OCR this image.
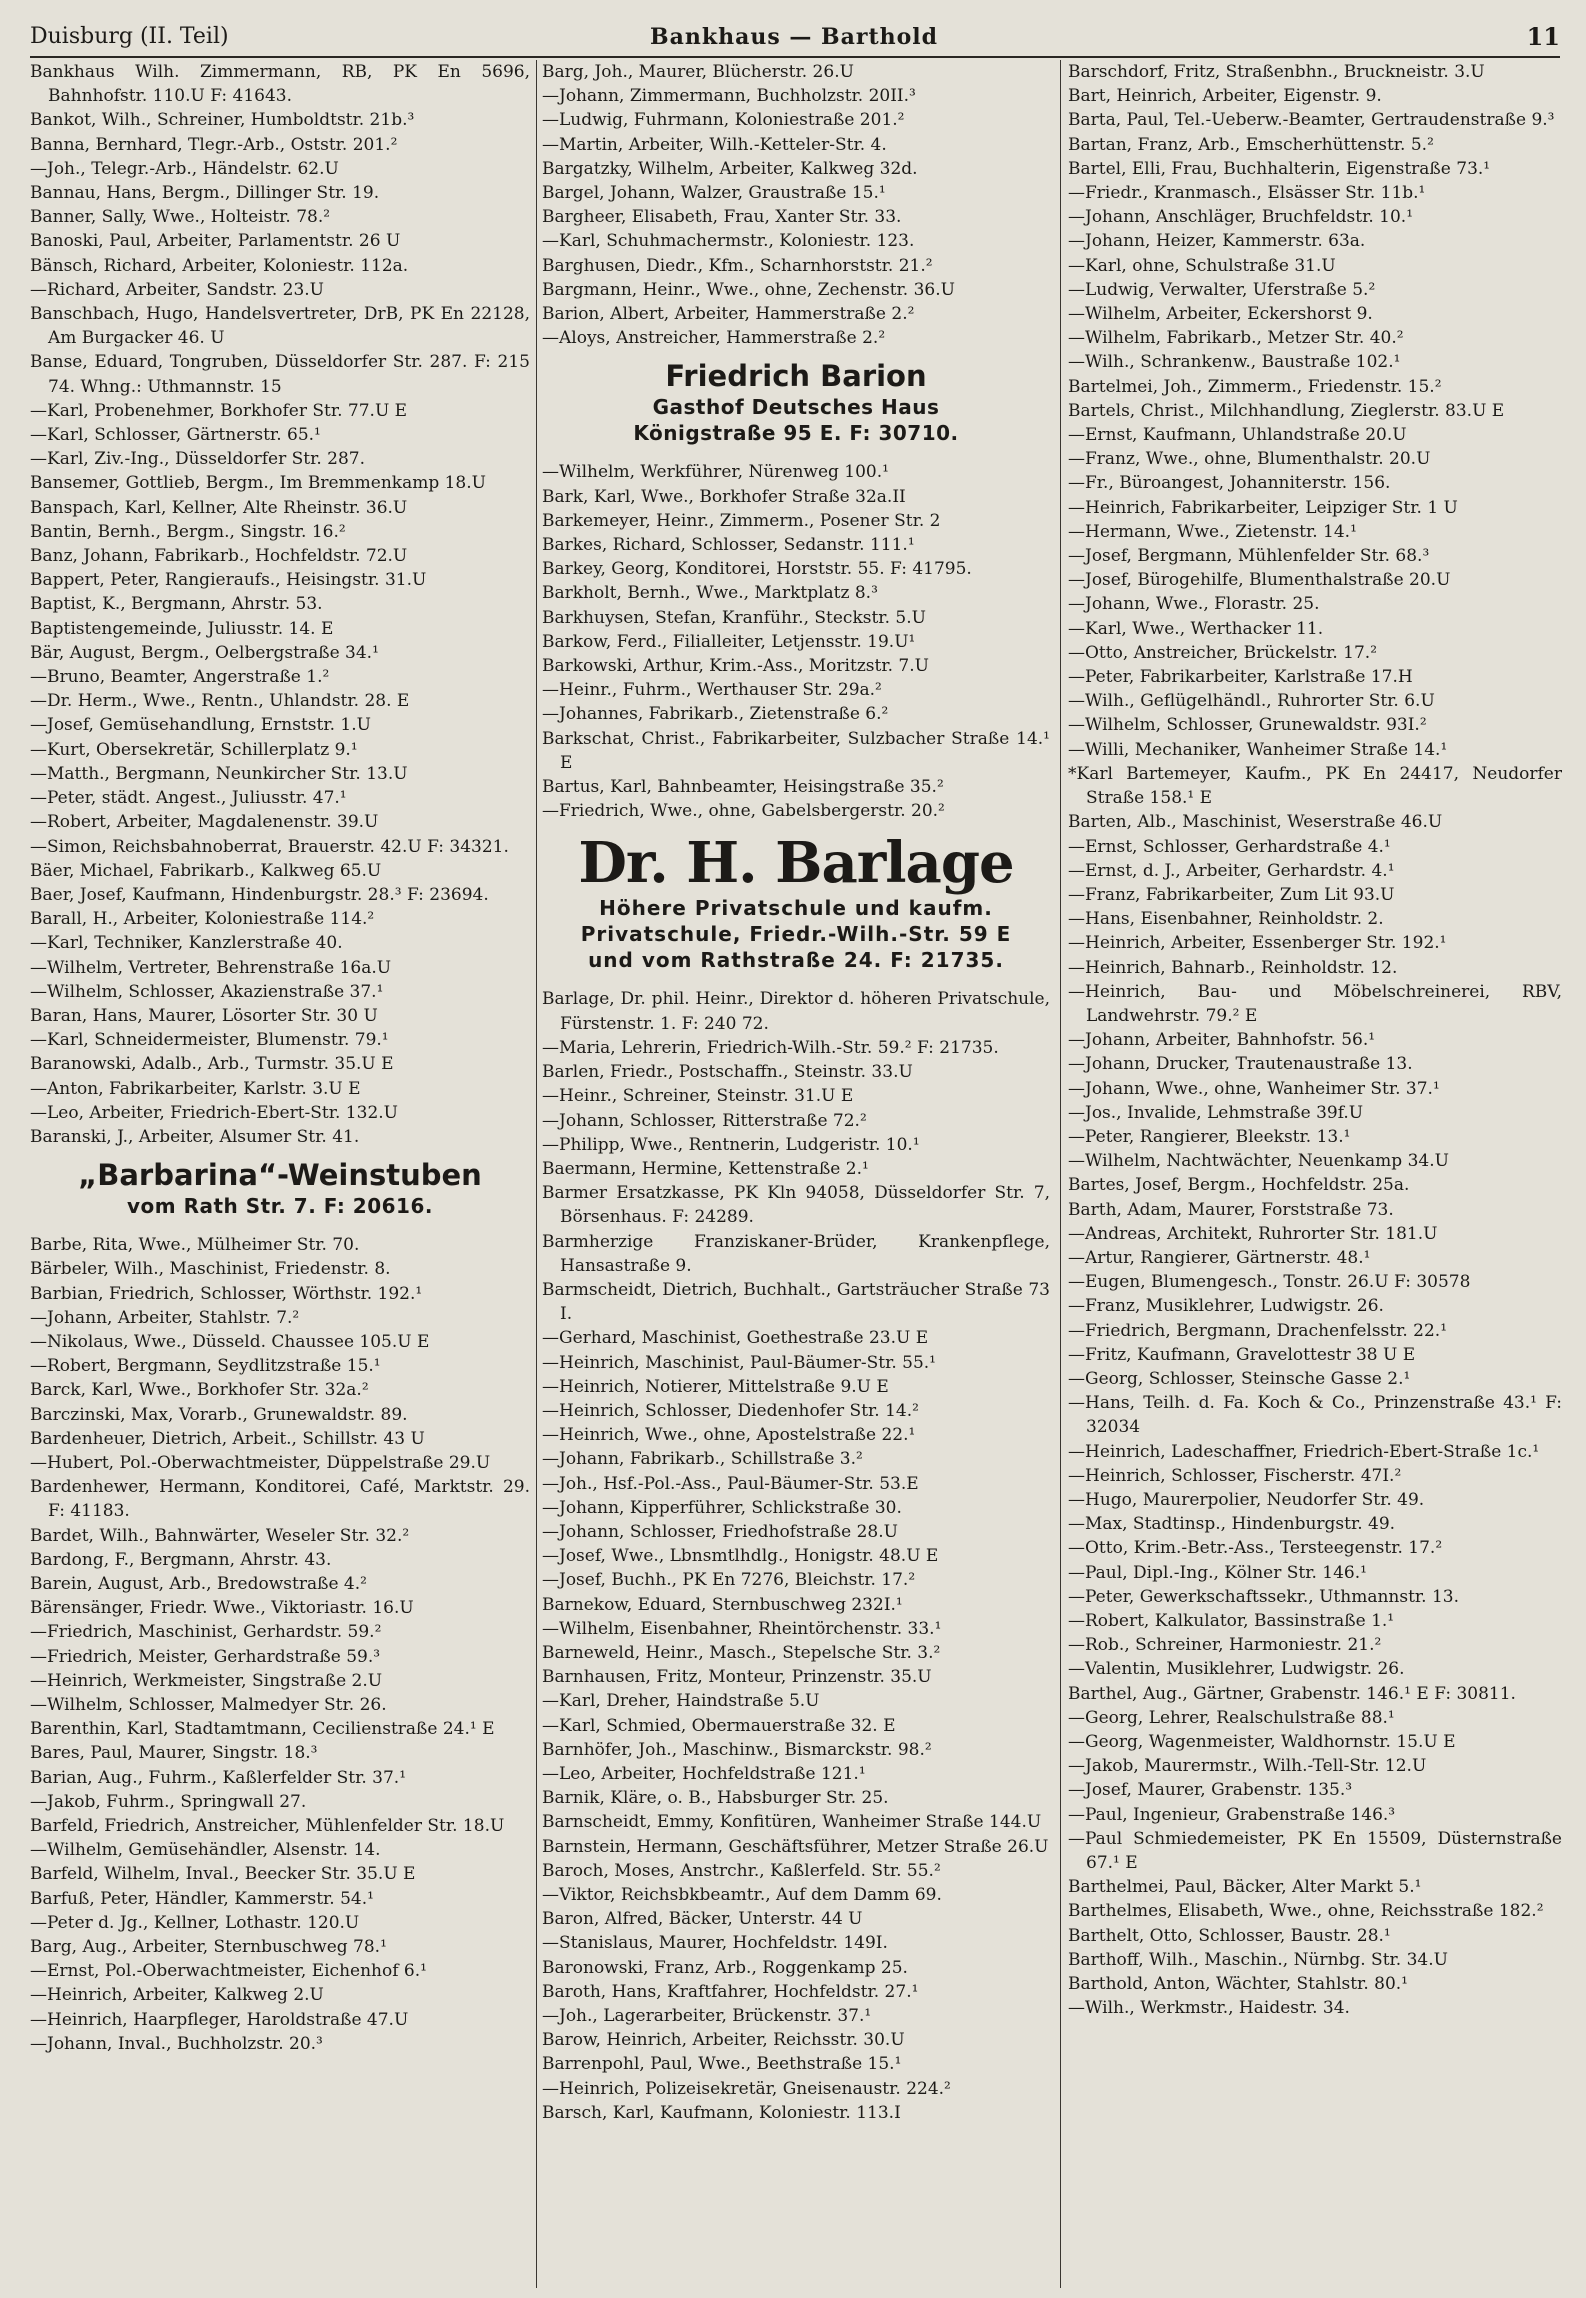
Duisburg (II. Teil)	Bankhaus — Barthold	11
Bankhaus Wilh. Zimmermann, RB, PK En 5696, Bahnhofstr. 110.U F: 41643.
Bankot, Wilh., Schreiner, Humboldtstr. 21b.³
Banna, Bernhard, Tlegr.-Arb., Oststr. 201.²
—Joh., Telegr.-Arb., Händelstr. 62.U
Bannau, Hans, Bergm., Dillinger Str. 19.
Banner, Sally, Wwe., Holteistr. 78.²
Banoski, Paul, Arbeiter, Parlamentstr. 26 U
Bänsch, Richard, Arbeiter, Koloniestr. 112a.
—Richard, Arbeiter, Sandstr. 23.U
Banschbach, Hugo, Handelsvertreter, DrB, PK En 22128, Am Burgacker 46. U
Banse, Eduard, Tongruben, Düsseldorfer Str. 287. F: 215 74. Whng.: Uthmannstr. 15
—Karl, Probenehmer, Borkhofer Str. 77.U E
—Karl, Schlosser, Gärtnerstr. 65.¹
—Karl, Ziv.-Ing., Düsseldorfer Str. 287.
Bansemer, Gottlieb, Bergm., Im Bremmenkamp 18.U
Banspach, Karl, Kellner, Alte Rheinstr. 36.U
Bantin, Bernh., Bergm., Singstr. 16.²
Banz, Johann, Fabrikarb., Hochfeldstr. 72.U
Bappert, Peter, Rangieraufs., Heisingstr. 31.U
Baptist, K., Bergmann, Ahrstr. 53.
Baptistengemeinde, Juliusstr. 14. E
Bär, August, Bergm., Oelbergstraße 34.¹
—Bruno, Beamter, Angerstraße 1.²
—Dr. Herm., Wwe., Rentn., Uhlandstr. 28. E
—Josef, Gemüsehandlung, Ernststr. 1.U
—Kurt, Obersekretär, Schillerplatz 9.¹
—Matth., Bergmann, Neunkircher Str. 13.U
—Peter, städt. Angest., Juliusstr. 47.¹
—Robert, Arbeiter, Magdalenenstr. 39.U
—Simon, Reichsbahnoberrat, Brauerstr. 42.U F: 34321.
Bäer, Michael, Fabrikarb., Kalkweg 65.U
Baer, Josef, Kaufmann, Hindenburgstr. 28.³ F: 23694.
Barall, H., Arbeiter, Koloniestraße 114.²
—Karl, Techniker, Kanzlerstraße 40.
—Wilhelm, Vertreter, Behrenstraße 16a.U
—Wilhelm, Schlosser, Akazienstraße 37.¹
Baran, Hans, Maurer, Lösorter Str. 30 U
—Karl, Schneidermeister, Blumenstr. 79.¹
Baranowski, Adalb., Arb., Turmstr. 35.U E
—Anton, Fabrikarbeiter, Karlstr. 3.U E
—Leo, Arbeiter, Friedrich-Ebert-Str. 132.U
Baranski, J., Arbeiter, Alsumer Str. 41.
„Barbarina“-Weinstuben
vom Rath Str. 7. F: 20616.
Barbe, Rita, Wwe., Mülheimer Str. 70.
Bärbeler, Wilh., Maschinist, Friedenstr. 8.
Barbian, Friedrich, Schlosser, Wörthstr. 192.¹
—Johann, Arbeiter, Stahlstr. 7.²
—Nikolaus, Wwe., Düsseld. Chaussee 105.U E
—Robert, Bergmann, Seydlitzstraße 15.¹
Barck, Karl, Wwe., Borkhofer Str. 32a.²
Barczinski, Max, Vorarb., Grunewaldstr. 89.
Bardenheuer, Dietrich, Arbeit., Schillstr. 43 U
—Hubert, Pol.-Oberwachtmeister, Düppelstraße 29.U
Bardenhewer, Hermann, Konditorei, Café, Marktstr. 29. F: 41183.
Bardet, Wilh., Bahnwärter, Weseler Str. 32.²
Bardong, F., Bergmann, Ahrstr. 43.
Barein, August, Arb., Bredowstraße 4.²
Bärensänger, Friedr. Wwe., Viktoriastr. 16.U
—Friedrich, Maschinist, Gerhardstr. 59.²
—Friedrich, Meister, Gerhardstraße 59.³
—Heinrich, Werkmeister, Singstraße 2.U
—Wilhelm, Schlosser, Malmedyer Str. 26.
Barenthin, Karl, Stadtamtmann, Cecilienstraße 24.¹ E
Bares, Paul, Maurer, Singstr. 18.³
Barian, Aug., Fuhrm., Kaßlerfelder Str. 37.¹
—Jakob, Fuhrm., Springwall 27.
Barfeld, Friedrich, Anstreicher, Mühlenfelder Str. 18.U
—Wilhelm, Gemüsehändler, Alsenstr. 14.
Barfeld, Wilhelm, Inval., Beecker Str. 35.U E
Barfuß, Peter, Händler, Kammerstr. 54.¹
—Peter d. Jg., Kellner, Lothastr. 120.U
Barg, Aug., Arbeiter, Sternbuschweg 78.¹
—Ernst, Pol.-Oberwachtmeister, Eichenhof 6.¹
—Heinrich, Arbeiter, Kalkweg 2.U
—Heinrich, Haarpfleger, Haroldstraße 47.U
—Johann, Inval., Buchholzstr. 20.³
Barg, Joh., Maurer, Blücherstr. 26.U
—Johann, Zimmermann, Buchholzstr. 20II.³
—Ludwig, Fuhrmann, Koloniestraße 201.²
—Martin, Arbeiter, Wilh.-Ketteler-Str. 4.
Bargatzky, Wilhelm, Arbeiter, Kalkweg 32d.
Bargel, Johann, Walzer, Graustraße 15.¹
Bargheer, Elisabeth, Frau, Xanter Str. 33.
—Karl, Schuhmachermstr., Koloniestr. 123.
Barghusen, Diedr., Kfm., Scharnhorststr. 21.²
Bargmann, Heinr., Wwe., ohne, Zechenstr. 36.U
Barion, Albert, Arbeiter, Hammerstraße 2.²
—Aloys, Anstreicher, Hammerstraße 2.²
Friedrich Barion
Gasthof Deutsches Haus
Königstraße 95 E. F: 30710.
—Wilhelm, Werkführer, Nürenweg 100.¹
Bark, Karl, Wwe., Borkhofer Straße 32a.II
Barkemeyer, Heinr., Zimmerm., Posener Str. 2
Barkes, Richard, Schlosser, Sedanstr. 111.¹
Barkey, Georg, Konditorei, Horststr. 55. F: 41795.
Barkholt, Bernh., Wwe., Marktplatz 8.³
Barkhuysen, Stefan, Kranführ., Steckstr. 5.U
Barkow, Ferd., Filialleiter, Letjensstr. 19.U¹
Barkowski, Arthur, Krim.-Ass., Moritzstr. 7.U
—Heinr., Fuhrm., Werthauser Str. 29a.²
—Johannes, Fabrikarb., Zietenstraße 6.²
Barkschat, Christ., Fabrikarbeiter, Sulzbacher Straße 14.¹ E
Bartus, Karl, Bahnbeamter, Heisingstraße 35.²
—Friedrich, Wwe., ohne, Gabelsbergerstr. 20.²
Dr. H. Barlage
Höhere Privatschule und kaufm.
Privatschule, Friedr.-Wilh.-Str. 59 E
und vom Rathstraße 24. F: 21735.
Barlage, Dr. phil. Heinr., Direktor d. höheren Privatschule, Fürstenstr. 1. F: 240 72.
—Maria, Lehrerin, Friedrich-Wilh.-Str. 59.² F: 21735.
Barlen, Friedr., Postschaffn., Steinstr. 33.U
—Heinr., Schreiner, Steinstr. 31.U E
—Johann, Schlosser, Ritterstraße 72.²
—Philipp, Wwe., Rentnerin, Ludgeristr. 10.¹
Baermann, Hermine, Kettenstraße 2.¹
Barmer Ersatzkasse, PK Kln 94058, Düsseldorfer Str. 7, Börsenhaus. F: 24289.
Barmherzige Franziskaner-Brüder, Krankenpflege, Hansastraße 9.
Barmscheidt, Dietrich, Buchhalt., Gartsträucher Straße 73 I.
—Gerhard, Maschinist, Goethestraße 23.U E
—Heinrich, Maschinist, Paul-Bäumer-Str. 55.¹
—Heinrich, Notierer, Mittelstraße 9.U E
—Heinrich, Schlosser, Diedenhofer Str. 14.²
—Heinrich, Wwe., ohne, Apostelstraße 22.¹
—Johann, Fabrikarb., Schillstraße 3.²
—Joh., Hsf.-Pol.-Ass., Paul-Bäumer-Str. 53.E
—Johann, Kipperführer, Schlickstraße 30.
—Johann, Schlosser, Friedhofstraße 28.U
—Josef, Wwe., Lbnsmtlhdlg., Honigstr. 48.U E
—Josef, Buchh., PK En 7276, Bleichstr. 17.²
Barnekow, Eduard, Sternbuschweg 232I.¹
—Wilhelm, Eisenbahner, Rheintörchenstr. 33.¹
Barneweld, Heinr., Masch., Stepelsche Str. 3.²
Barnhausen, Fritz, Monteur, Prinzenstr. 35.U
—Karl, Dreher, Haindstraße 5.U
—Karl, Schmied, Obermauerstraße 32. E
Barnhöfer, Joh., Maschinw., Bismarckstr. 98.²
—Leo, Arbeiter, Hochfeldstraße 121.¹
Barnik, Kläre, o. B., Habsburger Str. 25.
Barnscheidt, Emmy, Konfitüren, Wanheimer Straße 144.U
Barnstein, Hermann, Geschäftsführer, Metzer Straße 26.U
Baroch, Moses, Anstrchr., Kaßlerfeld. Str. 55.²
—Viktor, Reichsbkbeamtr., Auf dem Damm 69.
Baron, Alfred, Bäcker, Unterstr. 44 U
—Stanislaus, Maurer, Hochfeldstr. 149I.
Baronowski, Franz, Arb., Roggenkamp 25.
Baroth, Hans, Kraftfahrer, Hochfeldstr. 27.¹
—Joh., Lagerarbeiter, Brückenstr. 37.¹
Barow, Heinrich, Arbeiter, Reichsstr. 30.U
Barrenpohl, Paul, Wwe., Beethstraße 15.¹
—Heinrich, Polizeisekretär, Gneisenaustr. 224.²
Barsch, Karl, Kaufmann, Koloniestr. 113.I
Barschdorf, Fritz, Straßenbhn., Bruckneistr. 3.U
Bart, Heinrich, Arbeiter, Eigenstr. 9.
Barta, Paul, Tel.-Ueberw.-Beamter, Gertraudenstraße 9.³
Bartan, Franz, Arb., Emscherhüttenstr. 5.²
Bartel, Elli, Frau, Buchhalterin, Eigenstraße 73.¹
—Friedr., Kranmasch., Elsässer Str. 11b.¹
—Johann, Anschläger, Bruchfeldstr. 10.¹
—Johann, Heizer, Kammerstr. 63a.
—Karl, ohne, Schulstraße 31.U
—Ludwig, Verwalter, Uferstraße 5.²
—Wilhelm, Arbeiter, Eckershorst 9.
—Wilhelm, Fabrikarb., Metzer Str. 40.²
—Wilh., Schrankenw., Baustraße 102.¹
Bartelmei, Joh., Zimmerm., Friedenstr. 15.²
Bartels, Christ., Milchhandlung, Zieglerstr. 83.U E
—Ernst, Kaufmann, Uhlandstraße 20.U
—Franz, Wwe., ohne, Blumenthalstr. 20.U
—Fr., Büroangest, Johanniterstr. 156.
—Heinrich, Fabrikarbeiter, Leipziger Str. 1 U
—Hermann, Wwe., Zietenstr. 14.¹
—Josef, Bergmann, Mühlenfelder Str. 68.³
—Josef, Bürogehilfe, Blumenthalstraße 20.U
—Johann, Wwe., Florastr. 25.
—Karl, Wwe., Werthacker 11.
—Otto, Anstreicher, Brückelstr. 17.²
—Peter, Fabrikarbeiter, Karlstraße 17.H
—Wilh., Geflügelhändl., Ruhrorter Str. 6.U
—Wilhelm, Schlosser, Grunewaldstr. 93I.²
—Willi, Mechaniker, Wanheimer Straße 14.¹
*Karl Bartemeyer, Kaufm., PK En 24417, Neudorfer Straße 158.¹ E
Barten, Alb., Maschinist, Weserstraße 46.U
—Ernst, Schlosser, Gerhardstraße 4.¹
—Ernst, d. J., Arbeiter, Gerhardstr. 4.¹
—Franz, Fabrikarbeiter, Zum Lit 93.U
—Hans, Eisenbahner, Reinholdstr. 2.
—Heinrich, Arbeiter, Essenberger Str. 192.¹
—Heinrich, Bahnarb., Reinholdstr. 12.
—Heinrich, Bau- und Möbelschreinerei, RBV, Landwehrstr. 79.² E
—Johann, Arbeiter, Bahnhofstr. 56.¹
—Johann, Drucker, Trautenaustraße 13.
—Johann, Wwe., ohne, Wanheimer Str. 37.¹
—Jos., Invalide, Lehmstraße 39f.U
—Peter, Rangierer, Bleekstr. 13.¹
—Wilhelm, Nachtwächter, Neuenkamp 34.U
Bartes, Josef, Bergm., Hochfeldstr. 25a.
Barth, Adam, Maurer, Forststraße 73.
—Andreas, Architekt, Ruhrorter Str. 181.U
—Artur, Rangierer, Gärtnerstr. 48.¹
—Eugen, Blumengesch., Tonstr. 26.U F: 30578
—Franz, Musiklehrer, Ludwigstr. 26.
—Friedrich, Bergmann, Drachenfelsstr. 22.¹
—Fritz, Kaufmann, Gravelottestr 38 U E
—Georg, Schlosser, Steinsche Gasse 2.¹
—Hans, Teilh. d. Fa. Koch & Co., Prinzenstraße 43.¹ F: 32034
—Heinrich, Ladeschaffner, Friedrich-Ebert-Straße 1c.¹
—Heinrich, Schlosser, Fischerstr. 47I.²
—Hugo, Maurerpolier, Neudorfer Str. 49.
—Max, Stadtinsp., Hindenburgstr. 49.
—Otto, Krim.-Betr.-Ass., Tersteegenstr. 17.²
—Paul, Dipl.-Ing., Kölner Str. 146.¹
—Peter, Gewerkschaftssekr., Uthmannstr. 13.
—Robert, Kalkulator, Bassinstraße 1.¹
—Rob., Schreiner, Harmoniestr. 21.²
—Valentin, Musiklehrer, Ludwigstr. 26.
Barthel, Aug., Gärtner, Grabenstr. 146.¹ E F: 30811.
—Georg, Lehrer, Realschulstraße 88.¹
—Georg, Wagenmeister, Waldhornstr. 15.U E
—Jakob, Maurermstr., Wilh.-Tell-Str. 12.U
—Josef, Maurer, Grabenstr. 135.³
—Paul, Ingenieur, Grabenstraße 146.³
—Paul Schmiedemeister, PK En 15509, Düsternstraße 67.¹ E
Barthelmei, Paul, Bäcker, Alter Markt 5.¹
Barthelmes, Elisabeth, Wwe., ohne, Reichsstraße 182.²
Barthelt, Otto, Schlosser, Baustr. 28.¹
Barthoff, Wilh., Maschin., Nürnbg. Str. 34.U
Barthold, Anton, Wächter, Stahlstr. 80.¹
—Wilh., Werkmstr., Haidestr. 34.
